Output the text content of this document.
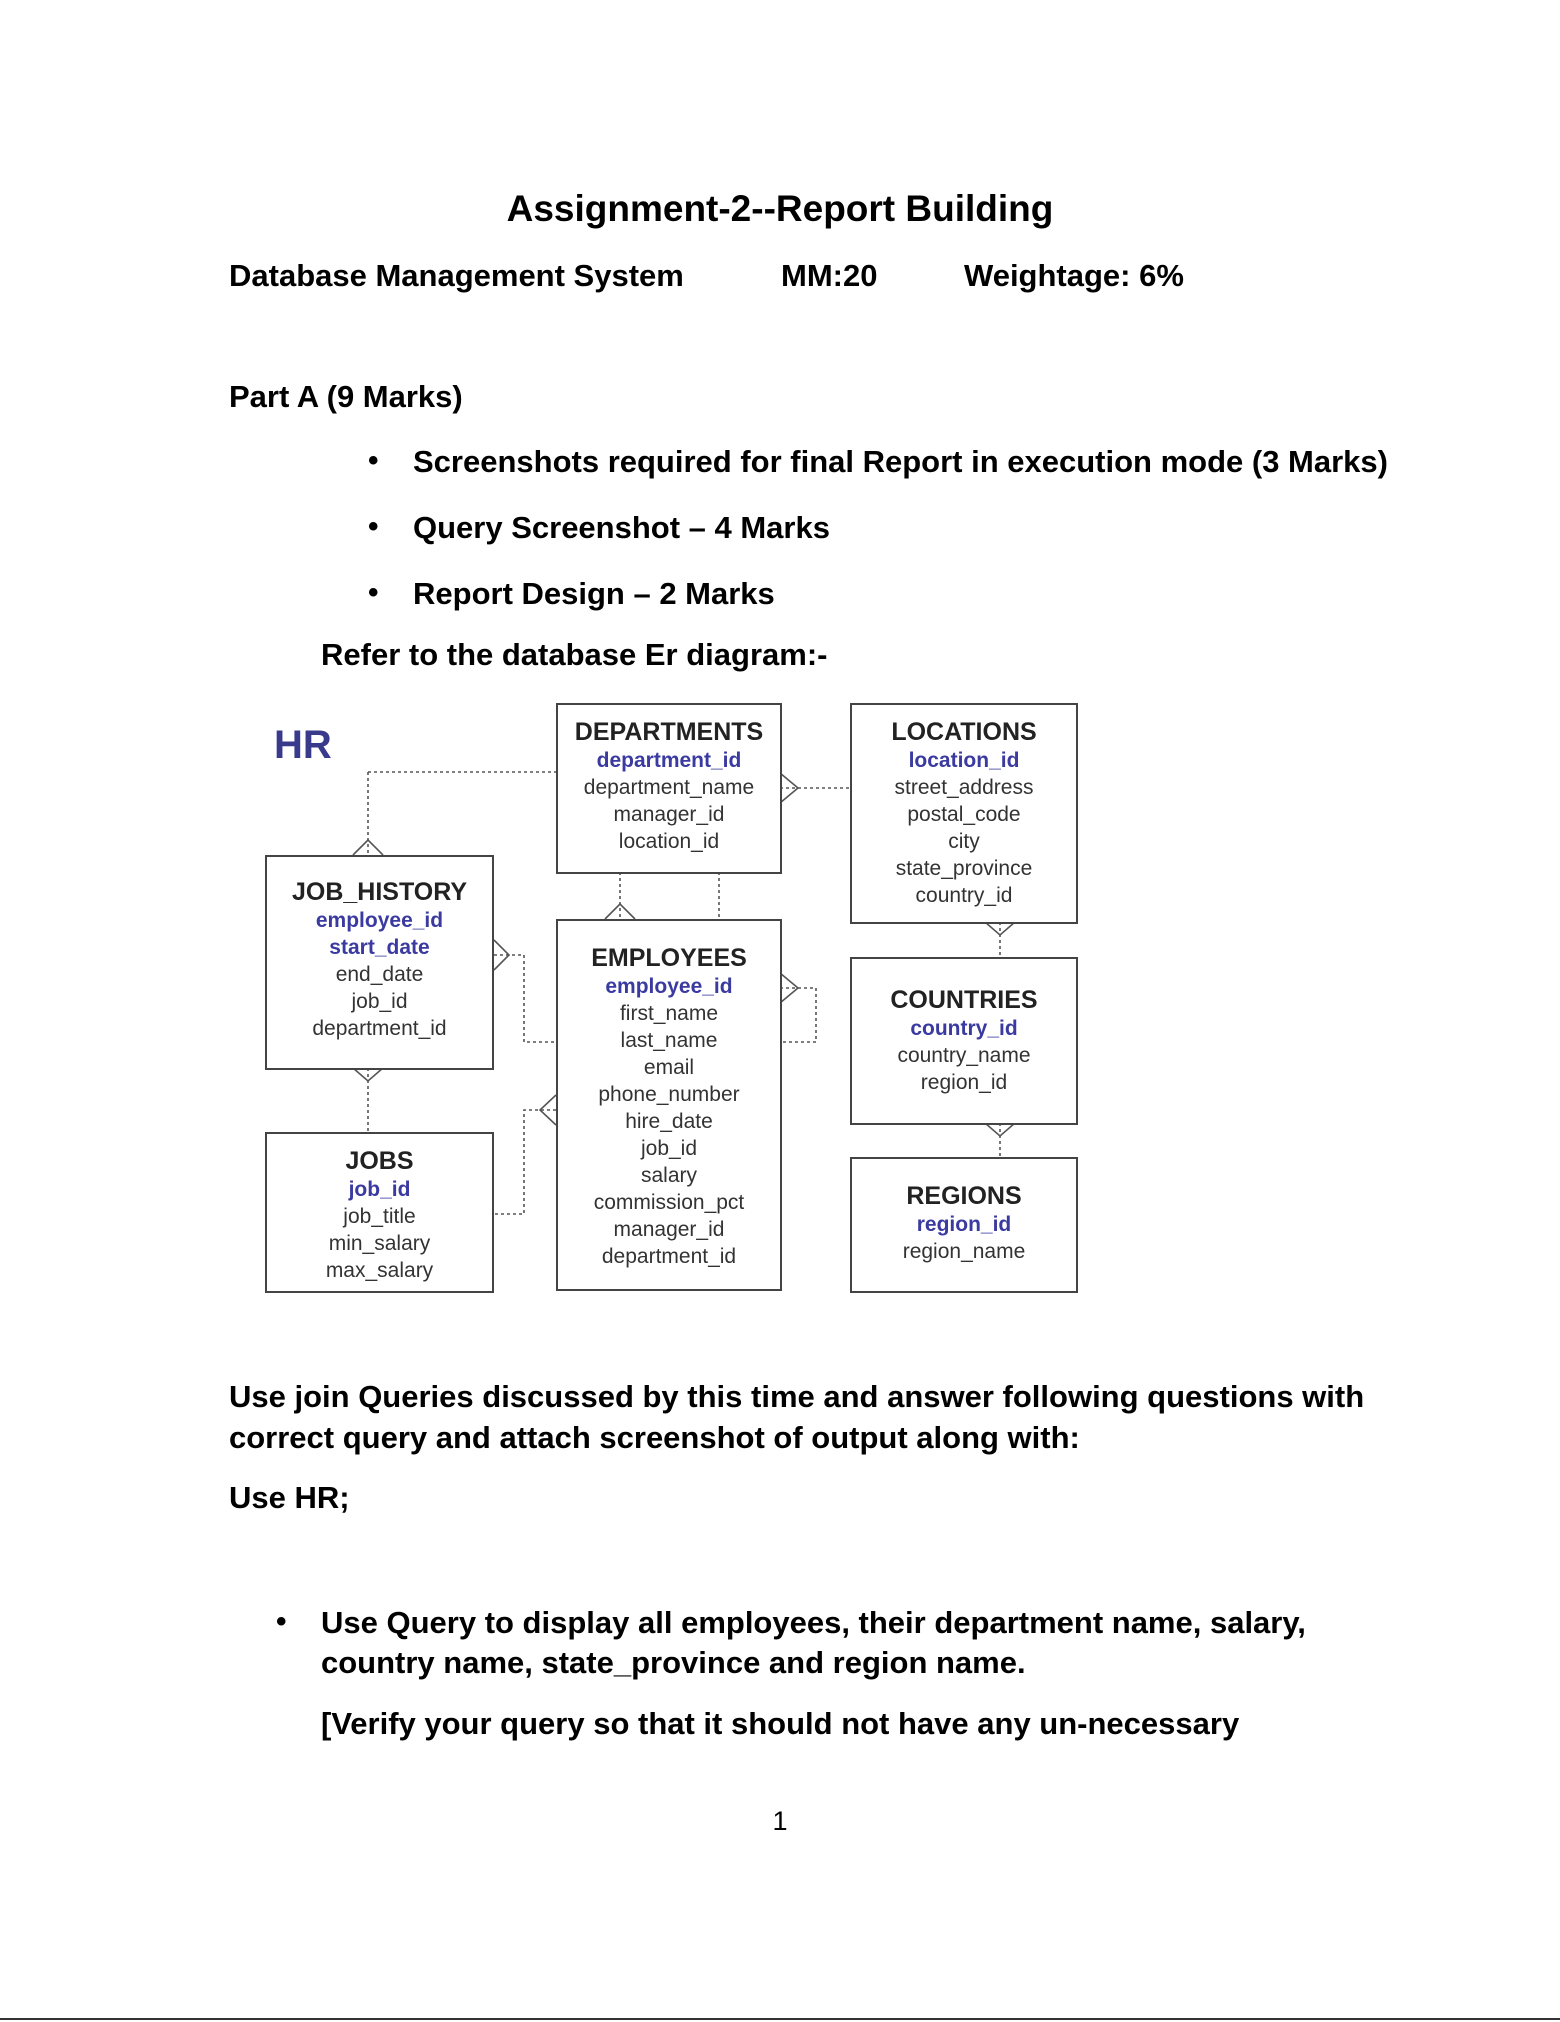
Assignment-2--Report Building
Database Management System	MM:20	Weightage: 6%
Part A (9 Marks)
• Screenshots required for final Report in execution mode (3 Marks)
• Query Screenshot – 4 Marks
• Report Design – 2 Marks
Refer to the database Er diagram:-
HR	DEPARTMENTS
department_id
department_name
manager_id
location_id
LOCATIONS
location_id
street_address
postal_code
city
state_province
country_id
JOB_HISTORY
employee_id
start_date
end_date
job_id
department_id
EMPLOYEES
employee_id
first_name
last_name
email
phone_number
hire_date
job_id
salary
commission_pct
manager_id
department_id
COUNTRIES
country_id
country_name
region_id
JOBS
job_id
job_title
min_salary
max_salary
REGIONS
region_id
region_name
Use join Queries discussed by this time and answer following questions with
correct query and attach screenshot of output along with:
Use HR;
• Use Query to display all employees, their department name, salary,
country name, state_province and region name.
[Verify your query so that it should not have any un-necessary
1
